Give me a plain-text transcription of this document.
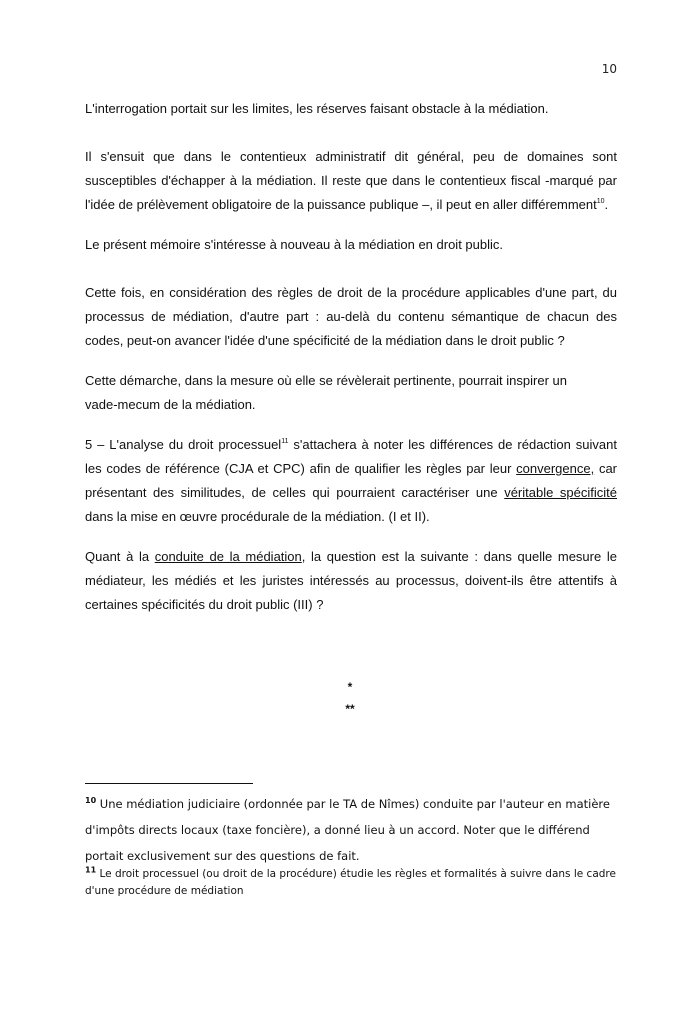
10

L'interrogation portait sur les limites, les réserves faisant obstacle à la médiation.

Il s'ensuit que dans le contentieux administratif dit général, peu de domaines sont susceptibles d'échapper à la médiation. Il reste que dans le contentieux fiscal -marqué par l'idée de prélèvement obligatoire de la puissance publique –, il peut en aller différemment$^{10}$.

Le présent mémoire s'intéresse à nouveau à la médiation en droit public.

Cette fois, en considération des règles de droit de la procédure applicables d'une part, du processus de médiation, d'autre part : au-delà du contenu sémantique de chacun des codes, peut-on avancer l'idée d'une spécificité de la médiation dans le droit public ?

Cette démarche, dans la mesure où elle se révèlerait pertinente, pourrait inspirer un
vade-mecum de la médiation.

5 – L'analyse du droit processuel$^{11}$ s'attachera à noter les différences de rédaction suivant les codes de référence (CJA et CPC) afin de qualifier les règles par leur convergence, car présentant des similitudes, de celles qui pourraient caractériser une véritable spécificité dans la mise en œuvre procédurale de la médiation. (I et II).

Quant à la conduite de la médiation, la question est la suivante : dans quelle mesure le médiateur, les médiés et les juristes intéressés au processus, doivent-ils être attentifs à certaines spécificités du droit public (III) ?

*
**

$^{10}$ Une médiation judiciaire (ordonnée par le TA de Nîmes) conduite par l'auteur en matière d'impôts directs locaux (taxe foncière), a donné lieu à un accord. Noter que le différend portait exclusivement sur des questions de fait.

$^{11}$ Le droit processuel (ou droit de la procédure) étudie les règles et formalités à suivre dans le cadre d'une procédure de médiation
